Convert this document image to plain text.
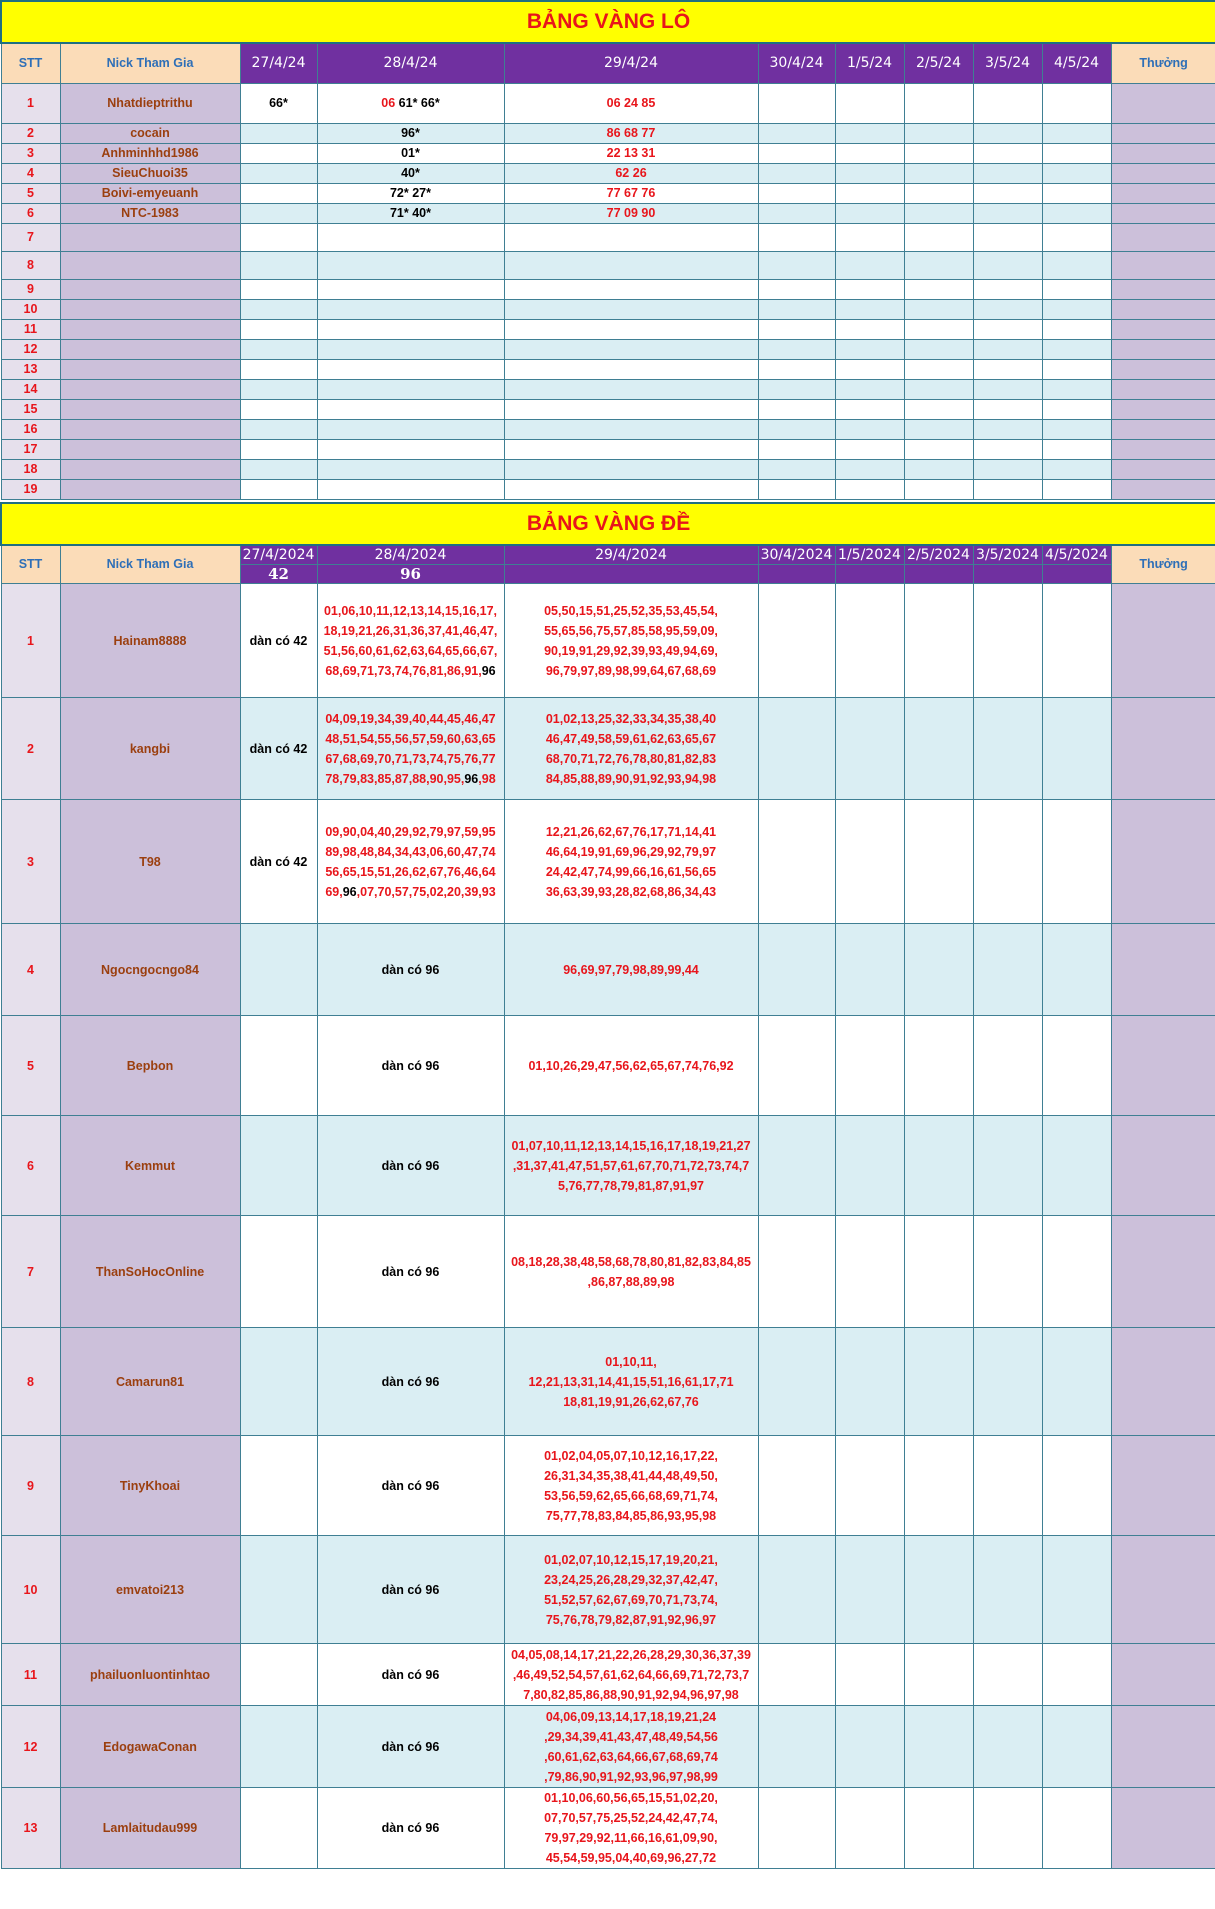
BẢNG VÀNG LÔ										
STT	Nick Tham Gia	27/4/24	28/4/24	29/4/24	30/4/24	1/5/24	2/5/24	3/5/24	4/5/24	Thưởng
1	Nhatdieptrithu	66*	06 61* 66*	06 24 85						
2	cocain		96*	86 68 77						
3	Anhminhhd1986		01*	22 13 31						
4	SieuChuoi35		40*	62 26						
5	Boivi-emyeuanh		72* 27*	77 67 76						
6	NTC-1983		71* 40*	77 09 90						
7										
8										
9										
10										
11										
12										
13										
14										
15										
16										
17										
18										
19										
BẢNG VÀNG ĐỀ										
STT	Nick Tham Gia	27/4/2024	28/4/2024	29/4/2024	30/4/2024	1/5/2024	2/5/2024	3/5/2024	4/5/2024	Thưởng
		42	96							
1	Hainam8888	dàn có 42	01,06,10,11,12,13,14,15,16,17,
18,19,21,26,31,36,37,41,46,47,
51,56,60,61,62,63,64,65,66,67,
68,69,71,73,74,76,81,86,91,96	05,50,15,51,25,52,35,53,45,54,
55,65,56,75,57,85,58,95,59,09,
90,19,91,29,92,39,93,49,94,69,
96,79,97,89,98,99,64,67,68,69						
2	kangbi	dàn có 42	04,09,19,34,39,40,44,45,46,47
48,51,54,55,56,57,59,60,63,65
67,68,69,70,71,73,74,75,76,77
78,79,83,85,87,88,90,95,96,98	01,02,13,25,32,33,34,35,38,40
46,47,49,58,59,61,62,63,65,67
68,70,71,72,76,78,80,81,82,83
84,85,88,89,90,91,92,93,94,98						
3	T98	dàn có 42	09,90,04,40,29,92,79,97,59,95
89,98,48,84,34,43,06,60,47,74
56,65,15,51,26,62,67,76,46,64
69,96,07,70,57,75,02,20,39,93	12,21,26,62,67,76,17,71,14,41
46,64,19,91,69,96,29,92,79,97
24,42,47,74,99,66,16,61,56,65
36,63,39,93,28,82,68,86,34,43						
4	Ngocngocngo84		dàn có 96	96,69,97,79,98,89,99,44						
5	Bepbon		dàn có 96	01,10,26,29,47,56,62,65,67,74,76,92						
6	Kemmut		dàn có 96	01,07,10,11,12,13,14,15,16,17,18,19,21,27
,31,37,41,47,51,57,61,67,70,71,72,73,74,7
5,76,77,78,79,81,87,91,97						
7	ThanSoHocOnline		dàn có 96	08,18,28,38,48,58,68,78,80,81,82,83,84,85
,86,87,88,89,98						
8	Camarun81		dàn có 96	01,10,11,
12,21,13,31,14,41,15,51,16,61,17,71
18,81,19,91,26,62,67,76						
9	TinyKhoai		dàn có 96	01,02,04,05,07,10,12,16,17,22,
26,31,34,35,38,41,44,48,49,50,
53,56,59,62,65,66,68,69,71,74,
75,77,78,83,84,85,86,93,95,98						
10	emvatoi213		dàn có 96	01,02,07,10,12,15,17,19,20,21,
23,24,25,26,28,29,32,37,42,47,
51,52,57,62,67,69,70,71,73,74,
75,76,78,79,82,87,91,92,96,97						
11	phailuonluontinhtao		dàn có 96	04,05,08,14,17,21,22,26,28,29,30,36,37,39
,46,49,52,54,57,61,62,64,66,69,71,72,73,7
7,80,82,85,86,88,90,91,92,94,96,97,98						
12	EdogawaConan		dàn có 96	04,06,09,13,14,17,18,19,21,24
,29,34,39,41,43,47,48,49,54,56
,60,61,62,63,64,66,67,68,69,74
,79,86,90,91,92,93,96,97,98,99						
13	Lamlaitudau999		dàn có 96	01,10,06,60,56,65,15,51,02,20,
07,70,57,75,25,52,24,42,47,74,
79,97,29,92,11,66,16,61,09,90,
45,54,59,95,04,40,69,96,27,72						
